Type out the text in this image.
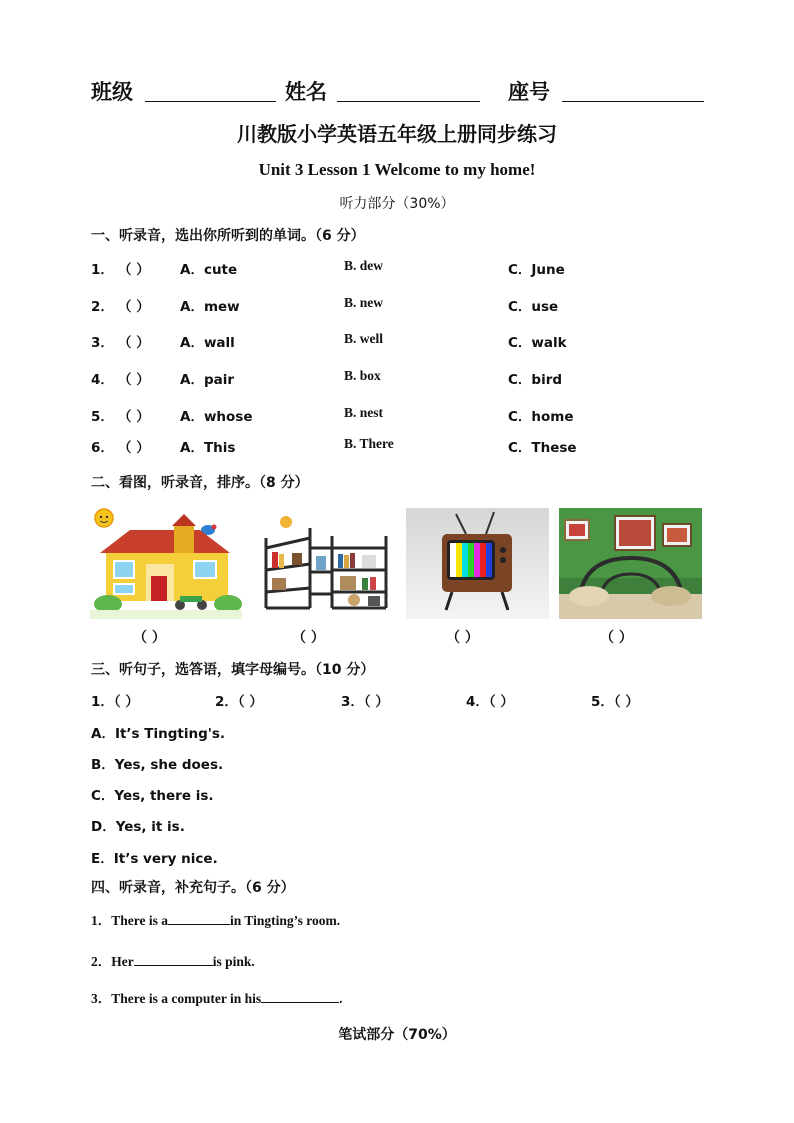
班级	姓名	座号
川教版小学英语五年级上册同步练习
Unit 3 Lesson 1 Welcome to my home!
听力部分（30%）
一、听录音，选出你所听到的单词。（6 分）
1． （ ） A．cute	B. dew	C．June
2． （ ） A．mew	B. new	C．use
3． （ ） A．wall	B. well	C．walk
4． （ ） A．pair	B. box	C．bird
5． （ ） A．whose	B. nest	C．home
6． （ ） A．This	B. There	C．These
二、看图，听录音，排序。（8 分）
（ ）	（ ）	（ ）	（ ）
三、听句子，选答语，填字母编号。（10 分）
1．（ ）	2．（ ）	3．（ ）	4．（ ）	5．（ ）
A．It’s Tingting's.
B．Yes, she does.
C．Yes, there is.
D．Yes, it is.
E．It’s very nice.
四、听录音，补充句子。（6 分）
1．There is a	in Tingting’s room.
2．Her	is pink.
3．There is a computer in his	.
笔试部分（70%）
